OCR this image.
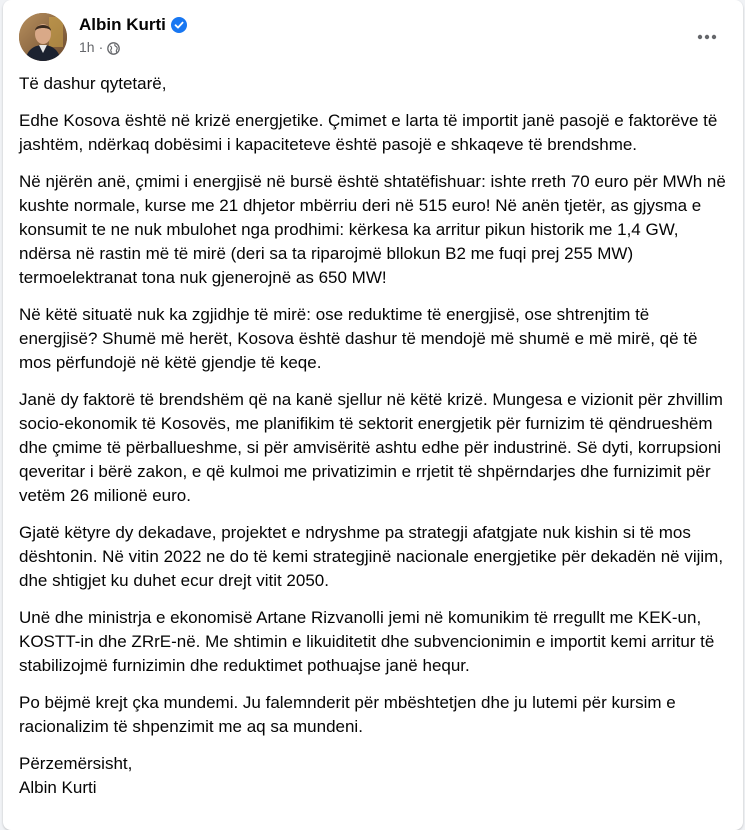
Albin Kurti
1h ·

Të dashur qytetarë,

Edhe Kosova është në krizë energjetike. Çmimet e larta të importit janë pasojë e faktorëve të jashtëm, ndërkaq dobësimi i kapaciteteve është pasojë e shkaqeve të brendshme.

Në njërën anë, çmimi i energjisë në bursë është shtatëfishuar: ishte rreth 70 euro për MWh në kushte normale, kurse me 21 dhjetor mbërriu deri në 515 euro! Në anën tjetër, as gjysma e konsumit te ne nuk mbulohet nga prodhimi: kërkesa ka arritur pikun historik me 1,4 GW, ndërsa në rastin më të mirë (deri sa ta riparojmë bllokun B2 me fuqi prej 255 MW) termoelektranat tona nuk gjenerojnë as 650 MW!

Në këtë situatë nuk ka zgjidhje të mirë: ose reduktime të energjisë, ose shtrenjtim të energjisë? Shumë më herët, Kosova është dashur të mendojë më shumë e më mirë, që të mos përfundojë në këtë gjendje të keqe.

Janë dy faktorë të brendshëm që na kanë sjellur në këtë krizë. Mungesa e vizionit për zhvillim socio-ekonomik të Kosovës, me planifikim të sektorit energjetik për furnizim të qëndrueshëm dhe çmime të përballueshme, si për amvisëritë ashtu edhe për industrinë. Së dyti, korrupsioni qeveritar i bërë zakon, e që kulmoi me privatizimin e rrjetit të shpërndarjes dhe furnizimit për vetëm 26 milionë euro.

Gjatë këtyre dy dekadave, projektet e ndryshme pa strategji afatgjate nuk kishin si të mos dështonin. Në vitin 2022 ne do të kemi strategjinë nacionale energjetike për dekadën në vijim, dhe shtigjet ku duhet ecur drejt vitit 2050.

Unë dhe ministrja e ekonomisë Artane Rizvanolli jemi në komunikim të rregullt me KEK-un, KOSTT-in dhe ZRrE-në. Me shtimin e likuiditetit dhe subvencionimin e importit kemi arritur të stabilizojmë furnizimin dhe reduktimet pothuajse janë hequr.

Po bëjmë krejt çka mundemi. Ju falemnderit për mbështetjen dhe ju lutemi për kursim e racionalizim të shpenzimit me aq sa mundeni.

Përzemërsisht,

Albin Kurti
